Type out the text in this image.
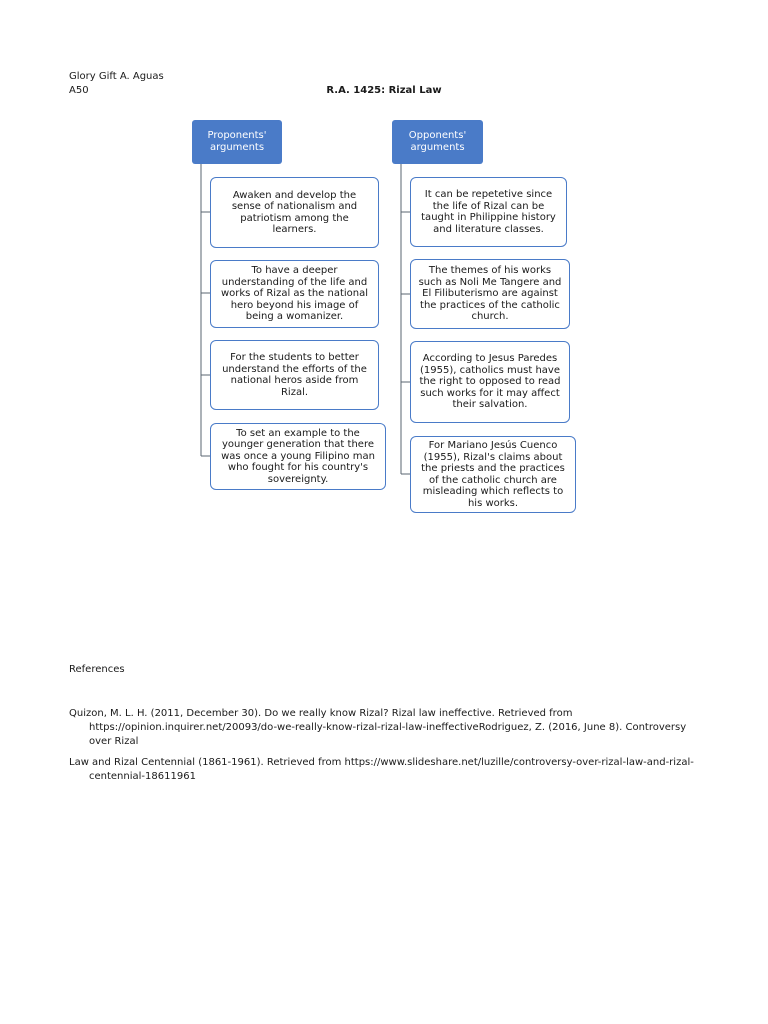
Glory Gift A. Aguas
A50	R.A. 1425: Rizal Law
Proponents' arguments
Opponents' arguments
Awaken and develop the sense of nationalism and patriotism among the learners.
To have a deeper understanding of the life and works of Rizal as the national hero beyond his image of being a womanizer.
For the students to better understand the efforts of the national heros aside from Rizal.
To set an example to the younger generation that there was once a young Filipino man who fought for his country's sovereignty.
It can be repetetive since the life of Rizal can be taught in Philippine history and literature classes.
The themes of his works such as Noli Me Tangere and El Filibuterismo are against the practices of the catholic church.
According to Jesus Paredes (1955), catholics must have the right to opposed to read such works for it may affect their salvation.
For Mariano Jesús Cuenco (1955), Rizal's claims about the priests and the practices of the catholic church are misleading which reflects to his works.
References
Quizon, M. L. H. (2011, December 30). Do we really know Rizal? Rizal law ineffective. Retrieved from https://opinion.inquirer.net/20093/do-we-really-know-rizal-rizal-law-ineffectiveRodriguez, Z. (2016, June 8). Controversy over Rizal
Law and Rizal Centennial (1861-1961). Retrieved from https://www.slideshare.net/luzille/controversy-over-rizal-law-and-rizal-centennial-18611961
